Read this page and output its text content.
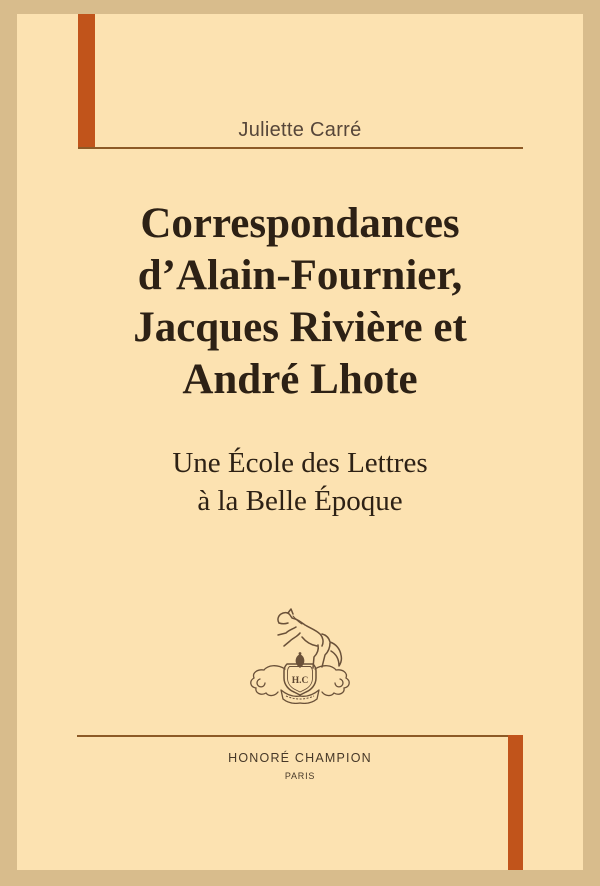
Juliette Carré
Correspondances
d’Alain-Fournier,
Jacques Rivière et
André Lhote
Une École des Lettres
à la Belle Époque
H.C
HONORÉ CHAMPION
PARIS
